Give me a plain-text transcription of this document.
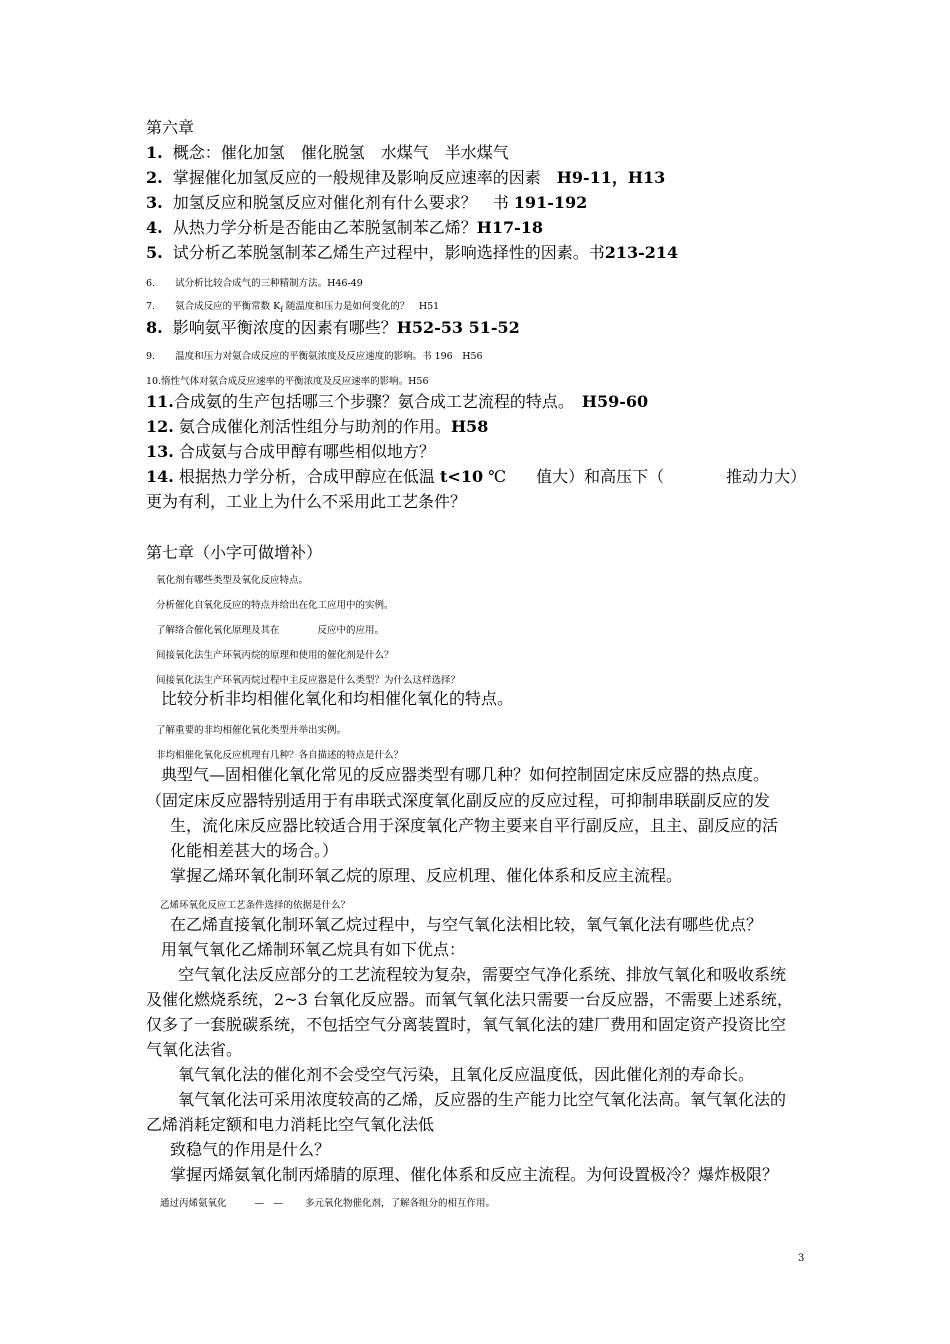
第六章
1. 概念：催化加氢　催化脱氢　水煤气　半水煤气
2. 掌握催化加氢反应的一般规律及影响反应速率的因素　H9-11，H13
3. 加氢反应和脱氢反应对催化剂有什么要求？　书 191-192
4. 从热力学分析是否能由乙苯脱氢制苯乙烯？H17-18
5. 试分析乙苯脱氢制苯乙烯生产过程中，影响选择性的因素。书213-214
6. 试分析比较合成气的三种精制方法。H46-49
7. 氨合成反应的平衡常数 $K_f$ 随温度和压力是如何变化的？　H51
8. 影响氨平衡浓度的因素有哪些？H52-53 51-52
9. 温度和压力对氨合成反应的平衡氨浓度及反应速度的影响。书 196　H56
10.惰性气体对氨合成反应速率的平衡浓度及反应速率的影响。H56
11.合成氨的生产包括哪三个步骤？氨合成工艺流程的特点。　H59-60
12. 氨合成催化剂活性组分与助剂的作用。H58
13. 合成氨与合成甲醇有哪些相似地方？
14. 根据热力学分析，合成甲醇应在低温 t<10 ℃ 值大）和高压下（	推动力大）
更为有利，工业上为什么不采用此工艺条件？
第七章（小字可做增补）
氧化剂有哪些类型及氧化反应特点。
分析催化自氧化反应的特点并给出在化工应用中的实例。
了解络合催化氧化原理及其在	反应中的应用。
间接氧化法生产环氧丙烷的原理和使用的催化剂是什么？
间接氧化法生产环氧丙烷过程中主反应器是什么类型？为什么这样选择？
比较分析非均相催化氧化和均相催化氧化的特点。
了解重要的非均相催化氧化类型并举出实例。
非均相催化氧化反应机理有几种？各自描述的特点是什么？
典型气—固相催化氧化常见的反应器类型有哪几种？如何控制固定床反应器的热点度。
（固定床反应器特别适用于有串联式深度氧化副反应的反应过程，可抑制串联副反应的发
生，流化床反应器比较适合用于深度氧化产物主要来自平行副反应，且主、副反应的活
化能相差甚大的场合。）
掌握乙烯环氧化制环氧乙烷的原理、反应机理、催化体系和反应主流程。
乙烯环氧化反应工艺条件选择的依据是什么？
在乙烯直接氧化制环氧乙烷过程中，与空气氧化法相比较，氧气氧化法有哪些优点？
用氧气氧化乙烯制环氧乙烷具有如下优点：
空气氧化法反应部分的工艺流程较为复杂，需要空气净化系统、排放气氧化和吸收系统
及催化燃烧系统，2~3 台氧化反应器。而氧气氧化法只需要一台反应器，不需要上述系统，
仅多了一套脱碳系统，不包括空气分离装置时，氧气氧化法的建厂费用和固定资产投资比空
气氧化法省。
氧气氧化法的催化剂不会受空气污染，且氧化反应温度低，因此催化剂的寿命长。
氧气氧化法可采用浓度较高的乙烯，反应器的生产能力比空气氧化法高。氧气氧化法的
乙烯消耗定额和电力消耗比空气氧化法低
致稳气的作用是什么？
掌握丙烯氨氧化制丙烯腈的原理、催化体系和反应主流程。为何设置极冷？爆炸极限？
通过丙烯氨氧化	—　— 多元氧化物催化剂，了解各组分的相互作用。
3
